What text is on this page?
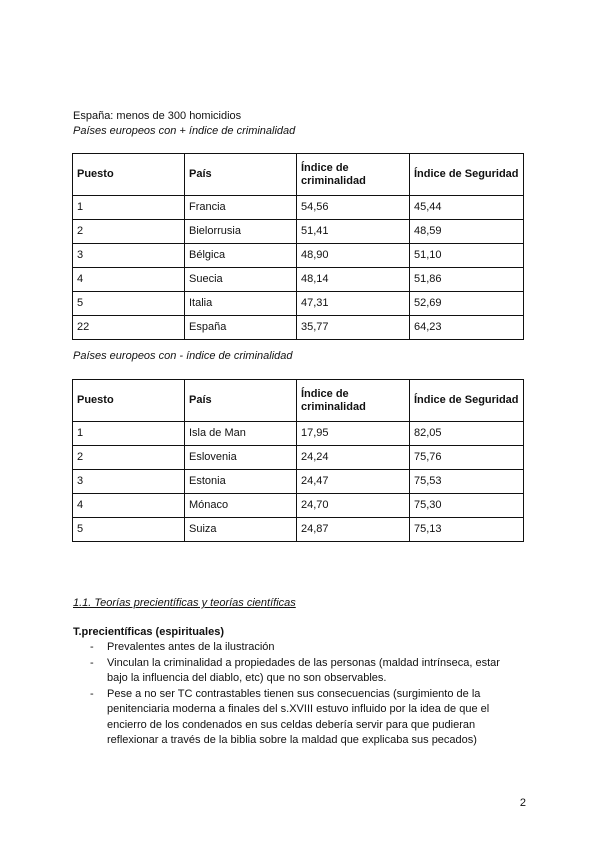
España: menos de 300 homicidios
Países europeos con + índice de criminalidad
Puesto	País	Índice de criminalidad	Índice de Seguridad
1	Francia	54,56	45,44
2	Bielorrusia	51,41	48,59
3	Bélgica	48,90	51,10
4	Suecia	48,14	51,86
5	Italia	47,31	52,69
22	España	35,77	64,23
Países europeos con - índice de criminalidad
Puesto	País	Índice de criminalidad	Índice de Seguridad
1	Isla de Man	17,95	82,05
2	Eslovenia	24,24	75,76
3	Estonia	24,47	75,53
4	Mónaco	24,70	75,30
5	Suiza	24,87	75,13
1.1. Teorías precientíficas y teorías científicas
T.precientíficas (espirituales)
- Prevalentes antes de la ilustración
- Vinculan la criminalidad a propiedades de las personas (maldad intrínseca, estar bajo la influencia del diablo, etc) que no son observables.
- Pese a no ser TC contrastables tienen sus consecuencias (surgimiento de la penitenciaria moderna a finales del s.XVIII estuvo influido por la idea de que el encierro de los condenados en sus celdas debería servir para que pudieran reflexionar a través de la biblia sobre la maldad que explicaba sus pecados)
2
